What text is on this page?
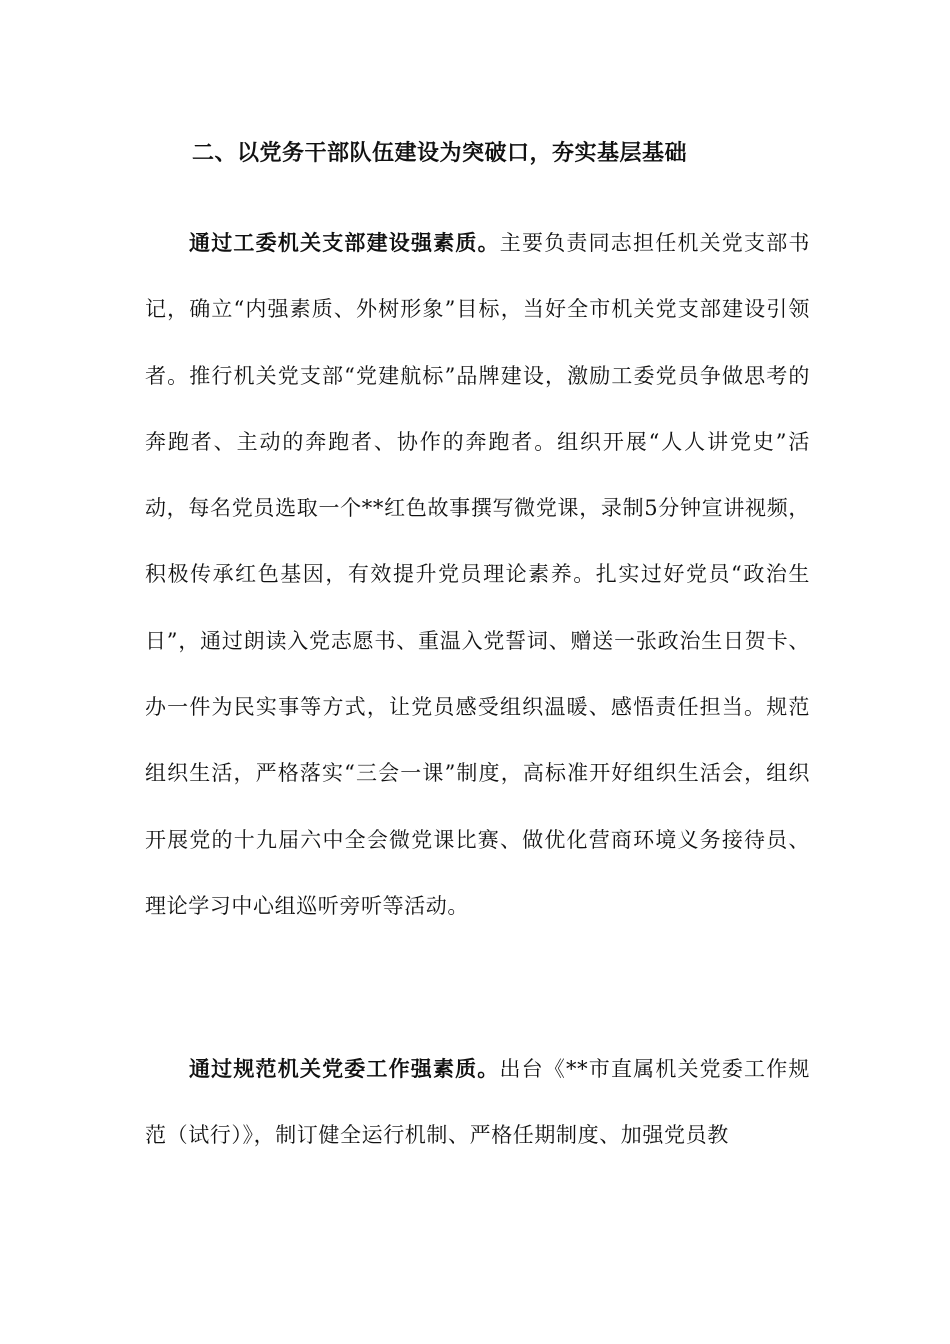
二、以党务干部队伍建设为突破口，夯实基层基础
通过工委机关支部建设强素质。主要负责同志担任机关党支部书记，确立“内强素质、外树形象”目标，当好全市机关党支部建设引领者。推行机关党支部“党建航标”品牌建设，激励工委党员争做思考的奔跑者、主动的奔跑者、协作的奔跑者。组织开展“人人讲党史”活动，每名党员选取一个**红色故事撰写微党课，录制5分钟宣讲视频，积极传承红色基因，有效提升党员理论素养。扎实过好党员“政治生日”，通过朗读入党志愿书、重温入党誓词、赠送一张政治生日贺卡、办一件为民实事等方式，让党员感受组织温暖、感悟责任担当。规范组织生活，严格落实“三会一课”制度，高标准开好组织生活会，组织开展党的十九届六中全会微党课比赛、做优化营商环境义务接待员、理论学习中心组巡听旁听等活动。
通过规范机关党委工作强素质。出台《**市直属机关党委工作规范（试行）》，制订健全运行机制、严格任期制度、加强党员教
